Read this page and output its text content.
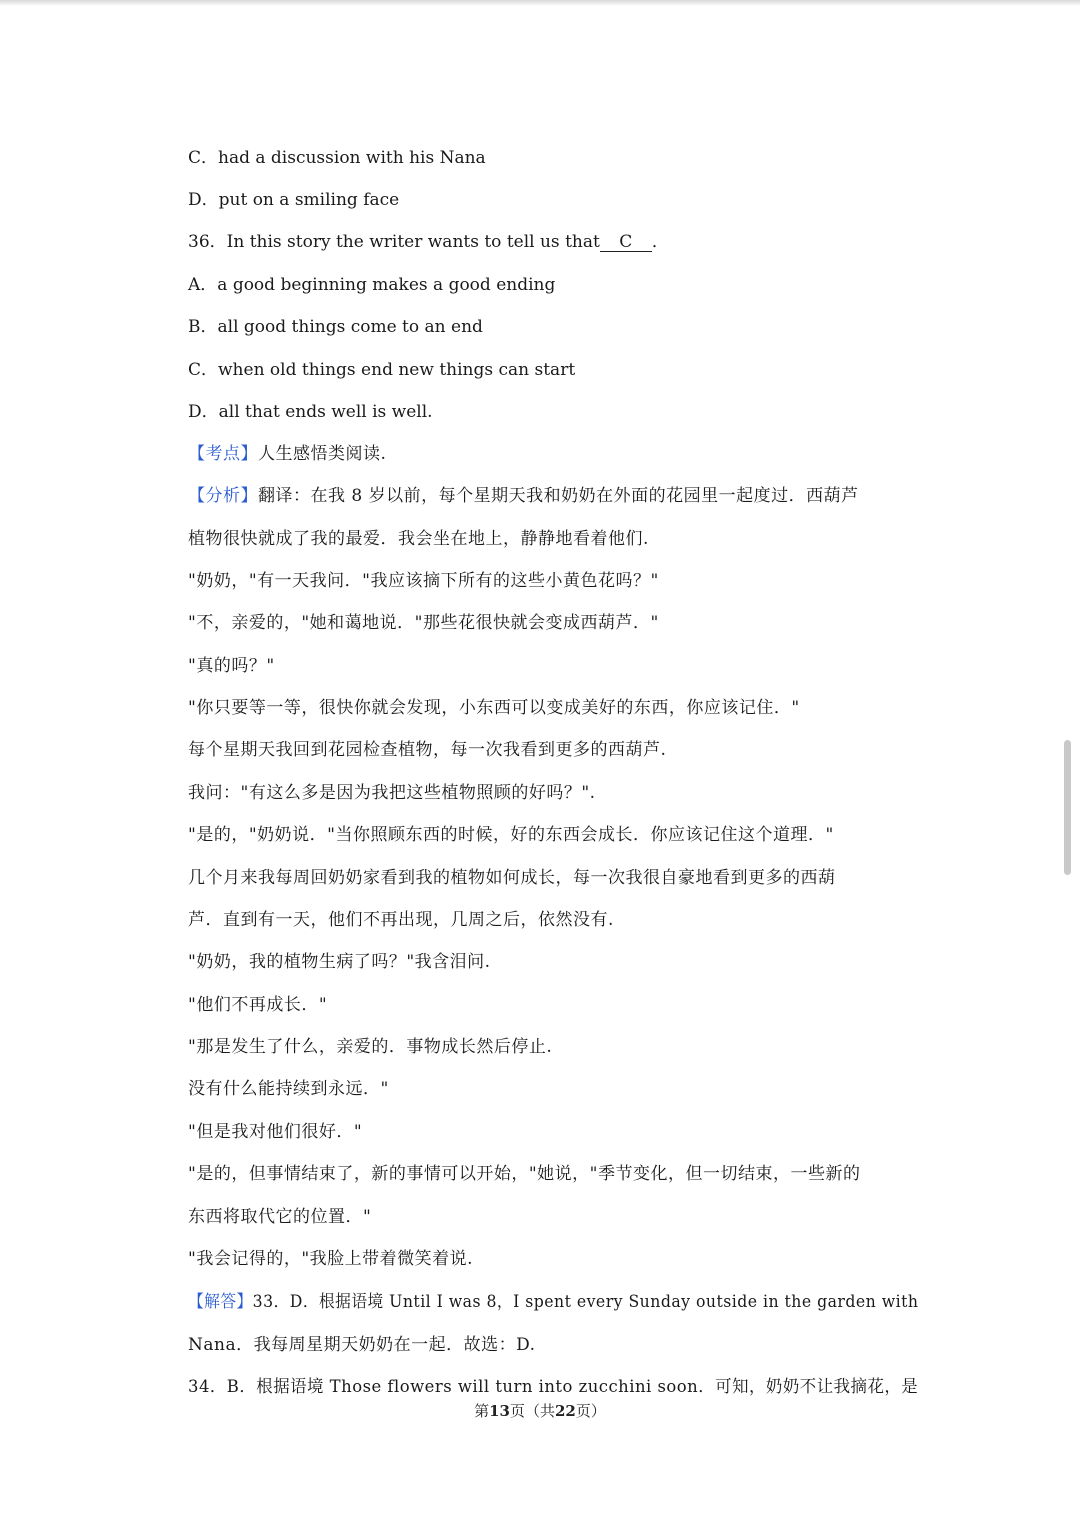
C．had a discussion with his Nana
D．put on a smiling face
36．In this story the writer wants to tell us that C ．
A．a good beginning makes a good ending
B．all good things come to an end
C．when old things end new things can start
D．all that ends well is well.
【考点】人生感悟类阅读.
【分析】翻译：在我 8 岁以前，每个星期天我和奶奶在外面的花园里一起度过．西葫芦
植物很快就成了我的最爱．我会坐在地上，静静地看着他们.
"奶奶，"有一天我问．"我应该摘下所有的这些小黄色花吗？"
"不，亲爱的，"她和蔼地说．"那些花很快就会变成西葫芦．"
"真的吗？"
"你只要等一等，很快你就会发现，小东西可以变成美好的东西，你应该记住．"
每个星期天我回到花园检查植物，每一次我看到更多的西葫芦.
我问："有这么多是因为我把这些植物照顾的好吗？".
"是的，"奶奶说．"当你照顾东西的时候，好的东西会成长．你应该记住这个道理．"
几个月来我每周回奶奶家看到我的植物如何成长，每一次我很自豪地看到更多的西葫
芦．直到有一天，他们不再出现，几周之后，依然没有.
"奶奶，我的植物生病了吗？"我含泪问.
"他们不再成长．"
"那是发生了什么，亲爱的．事物成长然后停止.
没有什么能持续到永远．"
"但是我对他们很好．"
"是的，但事情结束了，新的事情可以开始，"她说，"季节变化，但一切结束，一些新的
东西将取代它的位置．"
"我会记得的，"我脸上带着微笑着说.
【解答】33．D．根据语境 Until I was 8，I spent every Sunday outside in the garden with
Nana．我每周星期天奶奶在一起．故选：D.
34．B．根据语境 Those flowers will turn into zucchini soon．可知，奶奶不让我摘花，是
第13页（共22页）
